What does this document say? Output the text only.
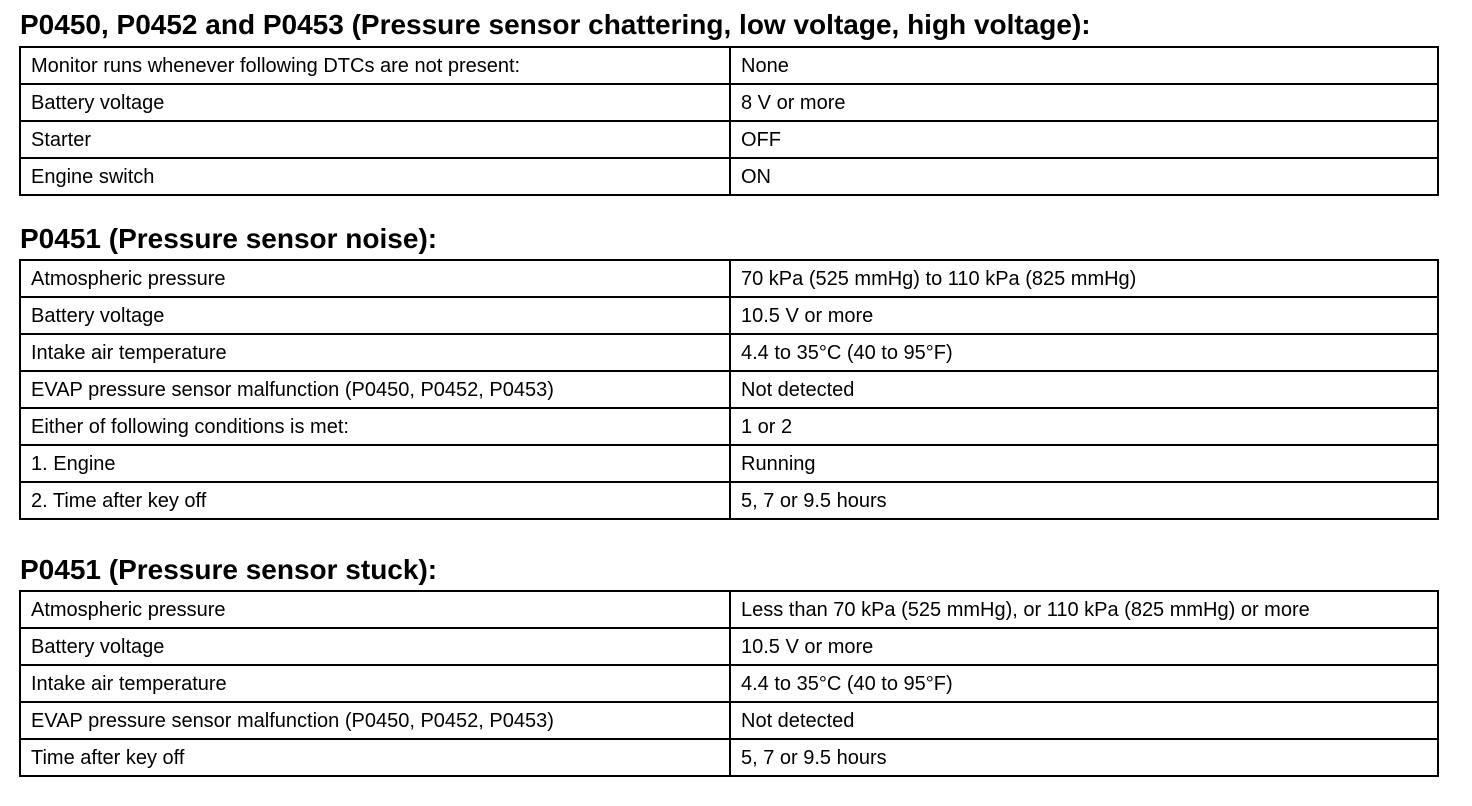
P0450, P0452 and P0453 (Pressure sensor chattering, low voltage, high voltage):
Monitor runs whenever following DTCs are not present:	None
Battery voltage	8 V or more
Starter	OFF
Engine switch	ON
P0451 (Pressure sensor noise):
Atmospheric pressure	70 kPa (525 mmHg) to 110 kPa (825 mmHg)
Battery voltage	10.5 V or more
Intake air temperature	4.4 to 35°C (40 to 95°F)
EVAP pressure sensor malfunction (P0450, P0452, P0453)	Not detected
Either of following conditions is met:	1 or 2
1. Engine	Running
2. Time after key off	5, 7 or 9.5 hours
P0451 (Pressure sensor stuck):
Atmospheric pressure	Less than 70 kPa (525 mmHg), or 110 kPa (825 mmHg) or more
Battery voltage	10.5 V or more
Intake air temperature	4.4 to 35°C (40 to 95°F)
EVAP pressure sensor malfunction (P0450, P0452, P0453)	Not detected
Time after key off	5, 7 or 9.5 hours
